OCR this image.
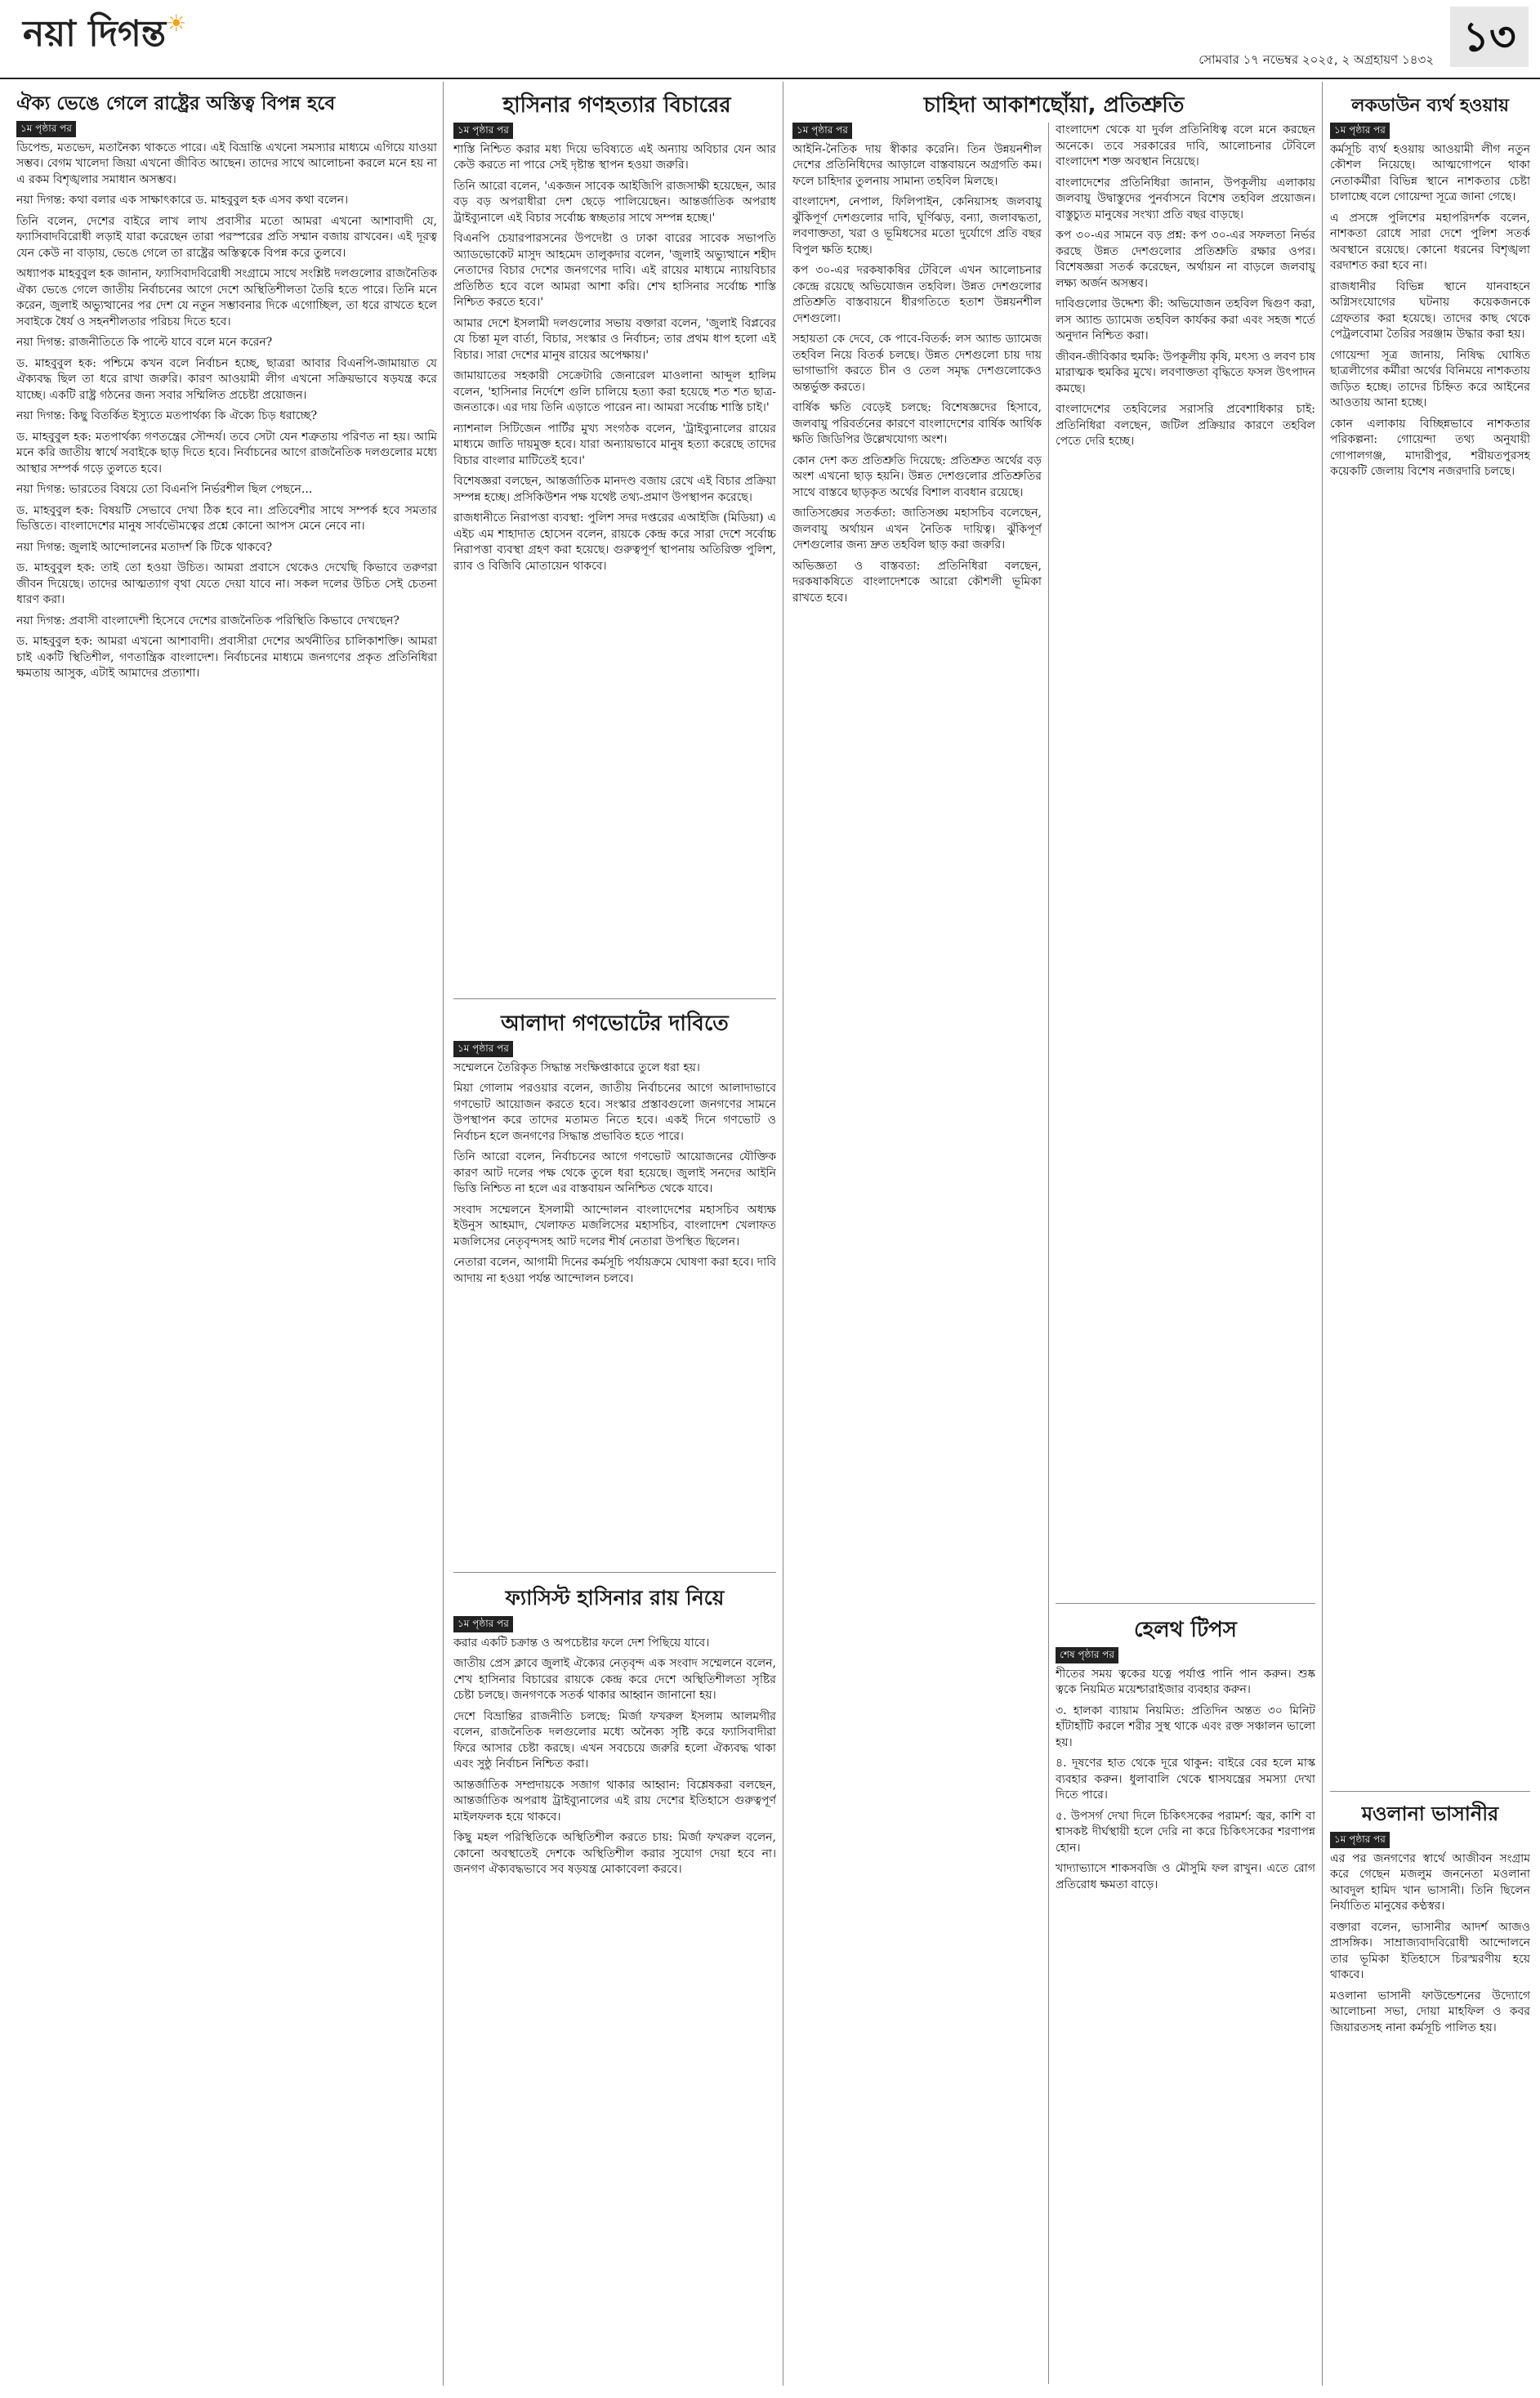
নয়া দিগন্ত☀
সোমবার ১৭ নভেম্বর ২০২৫, ২ অগ্রহায়ণ ১৪৩২ ১৩
ঐক্য ভেঙে গেলে রাষ্ট্রের অস্তিত্ব বিপন্ন হবে
১ম পৃষ্ঠার পর

ডিপেন্ড, মতভেদ, মতানৈক্য থাকতে পারে। এই বিভ্রান্তি এখনো সমস্যার মাধ্যমে এগিয়ে যাওয়া সম্ভব। বেগম খালেদা জিয়া এখনো জীবিত আছেন। তাদের সাথে আলোচনা করলে মনে হয় না এ রকম বিশৃঙ্খলার সমাধান অসম্ভব।

নয়া দিগন্ত: কথা বলার এক সাক্ষাৎকারে ড. মাহবুবুল হক এসব কথা বলেন।

তিনি বলেন, দেশের বাইরে লাখ লাখ প্রবাসীর মতো আমরা এখনো আশাবাদী যে, ফ্যাসিবাদবিরোধী লড়াই যারা করেছেন তারা পরস্পরের প্রতি সম্মান বজায় রাখবেন। এই দূরত্ব যেন কেউ না বাড়ায়, ভেঙে গেলে তা রাষ্ট্রের অস্তিত্বকে বিপন্ন করে তুলবে।

অধ্যাপক মাহবুবুল হক জানান, ফ্যাসিবাদবিরোধী সংগ্রামে সাথে সংশ্লিষ্ট দলগুলোর রাজনৈতিক ঐক্য ভেঙে গেলে জাতীয় নির্বাচনের আগে দেশে অস্থিতিশীলতা তৈরি হতে পারে। তিনি মনে করেন, জুলাই অভ্যুত্থানের পর দেশ যে নতুন সম্ভাবনার দিকে এগোচ্ছিল, তা ধরে রাখতে হলে সবাইকে ধৈর্য ও সহনশীলতার পরিচয় দিতে হবে।

নয়া দিগন্ত: রাজনীতিতে কি পাল্টে যাবে বলে মনে করেন?

ড. মাহবুবুল হক: পশ্চিমে কখন বলে নির্বাচন হচ্ছে, ছাত্ররা আবার বিএনপি-জামায়াত যে ঐক্যবদ্ধ ছিল তা ধরে রাখা জরুরি। কারণ আওয়ামী লীগ এখনো সক্রিয়ভাবে ষড়যন্ত্র করে যাচ্ছে। একটি রাষ্ট্র গঠনের জন্য সবার সম্মিলিত প্রচেষ্টা প্রয়োজন।

নয়া দিগন্ত: কিছু বিতর্কিত ইস্যুতে মতপার্থক্য কি ঐক্যে চিড় ধরাচ্ছে?

ড. মাহবুবুল হক: মতপার্থক্য গণতন্ত্রের সৌন্দর্য। তবে সেটা যেন শত্রুতায় পরিণত না হয়। আমি মনে করি জাতীয় স্বার্থে সবাইকে ছাড় দিতে হবে। নির্বাচনের আগে রাজনৈতিক দলগুলোর মধ্যে আস্থার সম্পর্ক গড়ে তুলতে হবে।

নয়া দিগন্ত: ভারতের বিষয়ে তো বিএনপি নির্ভরশীল ছিল পেছনে...

ড. মাহবুবুল হক: বিষয়টি সেভাবে দেখা ঠিক হবে না। প্রতিবেশীর সাথে সম্পর্ক হবে সমতার ভিত্তিতে। বাংলাদেশের মানুষ সার্বভৌমত্বের প্রশ্নে কোনো আপস মেনে নেবে না।

নয়া দিগন্ত: জুলাই আন্দোলনের মতাদর্শ কি টিকে থাকবে?

ড. মাহবুবুল হক: তাই তো হওয়া উচিত। আমরা প্রবাসে থেকেও দেখেছি কিভাবে তরুণরা জীবন দিয়েছে। তাদের আত্মত্যাগ বৃথা যেতে দেয়া যাবে না। সকল দলের উচিত সেই চেতনা ধারণ করা।

নয়া দিগন্ত: প্রবাসী বাংলাদেশী হিসেবে দেশের রাজনৈতিক পরিস্থিতি কিভাবে দেখছেন?

ড. মাহবুবুল হক: আমরা এখনো আশাবাদী। প্রবাসীরা দেশের অর্থনীতির চালিকাশক্তি। আমরা চাই একটি স্থিতিশীল, গণতান্ত্রিক বাংলাদেশ। নির্বাচনের মাধ্যমে জনগণের প্রকৃত প্রতিনিধিরা ক্ষমতায় আসুক, এটাই আমাদের প্রত্যাশা।

হাসিনার গণহত্যার বিচারের
১ম পৃষ্ঠার পর

শাস্তি নিশ্চিত করার মধ্য দিয়ে ভবিষ্যতে এই অন্যায় অবিচার যেন আর কেউ করতে না পারে সেই দৃষ্টান্ত স্থাপন হওয়া জরুরি।

তিনি আরো বলেন, 'একজন সাবেক আইজিপি রাজসাক্ষী হয়েছেন, আর বড় বড় অপরাধীরা দেশ ছেড়ে পালিয়েছেন। আন্তর্জাতিক অপরাধ ট্রাইব্যুনালে এই বিচার সর্বোচ্চ স্বচ্ছতার সাথে সম্পন্ন হচ্ছে।'

বিএনপি চেয়ারপারসনের উপদেষ্টা ও ঢাকা বারের সাবেক সভাপতি অ্যাডভোকেট মাসুদ আহমেদ তালুকদার বলেন, 'জুলাই অভ্যুত্থানে শহীদ নেতাদের বিচার দেশের জনগণের দাবি। এই রায়ের মাধ্যমে ন্যায়বিচার প্রতিষ্ঠিত হবে বলে আমরা আশা করি। শেখ হাসিনার সর্বোচ্চ শাস্তি নিশ্চিত করতে হবে।'

আমার দেশে ইসলামী দলগুলোর সভায় বক্তারা বলেন, 'জুলাই বিপ্লবের যে চিন্তা মূল বার্তা, বিচার, সংস্কার ও নির্বাচন; তার প্রথম ধাপ হলো এই বিচার। সারা দেশের মানুষ রায়ের অপেক্ষায়।'

জামায়াতের সহকারী সেক্রেটারি জেনারেল মাওলানা আব্দুল হালিম বলেন, 'হাসিনার নির্দেশে গুলি চালিয়ে হত্যা করা হয়েছে শত শত ছাত্র-জনতাকে। এর দায় তিনি এড়াতে পারেন না। আমরা সর্বোচ্চ শাস্তি চাই।'

ন্যাশনাল সিটিজেন পার্টির মুখ্য সংগঠক বলেন, 'ট্রাইব্যুনালের রায়ের মাধ্যমে জাতি দায়মুক্ত হবে। যারা অন্যায়ভাবে মানুষ হত্যা করেছে তাদের বিচার বাংলার মাটিতেই হবে।'

বিশেষজ্ঞরা বলছেন, আন্তর্জাতিক মানদণ্ড বজায় রেখে এই বিচার প্রক্রিয়া সম্পন্ন হচ্ছে। প্রসিকিউশন পক্ষ যথেষ্ট তথ্য-প্রমাণ উপস্থাপন করেছে।

রাজধানীতে নিরাপত্তা ব্যবস্থা: পুলিশ সদর দপ্তরের এআইজি (মিডিয়া) এ এইচ এম শাহাদাত হোসেন বলেন, রায়কে কেন্দ্র করে সারা দেশে সর্বোচ্চ নিরাপত্তা ব্যবস্থা গ্রহণ করা হয়েছে। গুরুত্বপূর্ণ স্থাপনায় অতিরিক্ত পুলিশ, র‍্যাব ও বিজিবি মোতায়েন থাকবে।

আলাদা গণভোটের দাবিতে
১ম পৃষ্ঠার পর

সম্মেলনে তৈরিকৃত সিদ্ধান্ত সংক্ষিপ্তাকারে তুলে ধরা হয়।

মিয়া গোলাম পরওয়ার বলেন, জাতীয় নির্বাচনের আগে আলাদাভাবে গণভোট আয়োজন করতে হবে। সংস্কার প্রস্তাবগুলো জনগণের সামনে উপস্থাপন করে তাদের মতামত নিতে হবে। একই দিনে গণভোট ও নির্বাচন হলে জনগণের সিদ্ধান্ত প্রভাবিত হতে পারে।

তিনি আরো বলেন, নির্বাচনের আগে গণভোট আয়োজনের যৌক্তিক কারণ আট দলের পক্ষ থেকে তুলে ধরা হয়েছে। জুলাই সনদের আইনি ভিত্তি নিশ্চিত না হলে এর বাস্তবায়ন অনিশ্চিত থেকে যাবে।

সংবাদ সম্মেলনে ইসলামী আন্দোলন বাংলাদেশের মহাসচিব অধ্যক্ষ ইউনুস আহমাদ, খেলাফত মজলিসের মহাসচিব, বাংলাদেশ খেলাফত মজলিসের নেতৃবৃন্দসহ আট দলের শীর্ষ নেতারা উপস্থিত ছিলেন।

নেতারা বলেন, আগামী দিনের কর্মসূচি পর্যায়ক্রমে ঘোষণা করা হবে। দাবি আদায় না হওয়া পর্যন্ত আন্দোলন চলবে।

ফ্যাসিস্ট হাসিনার রায় নিয়ে
১ম পৃষ্ঠার পর

করার একটি চক্রান্ত ও অপচেষ্টার ফলে দেশ পিছিয়ে যাবে।

জাতীয় প্রেস ক্লাবে জুলাই ঐক্যের নেতৃবৃন্দ এক সংবাদ সম্মেলনে বলেন, শেখ হাসিনার বিচারের রায়কে কেন্দ্র করে দেশে অস্থিতিশীলতা সৃষ্টির চেষ্টা চলছে। জনগণকে সতর্ক থাকার আহ্বান জানানো হয়।

দেশে বিভ্রান্তির রাজনীতি চলছে: মির্জা ফখরুল ইসলাম আলমগীর বলেন, রাজনৈতিক দলগুলোর মধ্যে অনৈক্য সৃষ্টি করে ফ্যাসিবাদীরা ফিরে আসার চেষ্টা করছে। এখন সবচেয়ে জরুরি হলো ঐক্যবদ্ধ থাকা এবং সুষ্ঠু নির্বাচন নিশ্চিত করা।

আন্তর্জাতিক সম্প্রদায়কে সজাগ থাকার আহ্বান: বিশ্লেষকরা বলছেন, আন্তর্জাতিক অপরাধ ট্রাইব্যুনালের এই রায় দেশের ইতিহাসে গুরুত্বপূর্ণ মাইলফলক হয়ে থাকবে।

কিছু মহল পরিস্থিতিকে অস্থিতিশীল করতে চায়: মির্জা ফখরুল বলেন, কোনো অবস্থাতেই দেশকে অস্থিতিশীল করার সুযোগ দেয়া হবে না। জনগণ ঐক্যবদ্ধভাবে সব ষড়যন্ত্র মোকাবেলা করবে।

চাহিদা আকাশছোঁয়া, প্রতিশ্রুতি
১ম পৃষ্ঠার পর

আইনি-নৈতিক দায় স্বীকার করেনি। তিন উন্নয়নশীল দেশের প্রতিনিধিদের আড়ালে বাস্তবায়নে অগ্রগতি কম। ফলে চাহিদার তুলনায় সামান্য তহবিল মিলছে।

বাংলাদেশ, নেপাল, ফিলিপাইন, কেনিয়াসহ জলবায়ু ঝুঁকিপূর্ণ দেশগুলোর দাবি, ঘূর্ণিঝড়, বন্যা, জলাবদ্ধতা, লবণাক্ততা, খরা ও ভূমিধসের মতো দুর্যোগে প্রতি বছর বিপুল ক্ষতি হচ্ছে।

কপ ৩০-এর দরকষাকষির টেবিলে এখন আলোচনার কেন্দ্রে রয়েছে অভিযোজন তহবিল। উন্নত দেশগুলোর প্রতিশ্রুতি বাস্তবায়নে ধীরগতিতে হতাশ উন্নয়নশীল দেশগুলো।

সহায়তা কে দেবে, কে পাবে-বিতর্ক: লস অ্যান্ড ড্যামেজ তহবিল নিয়ে বিতর্ক চলছে। উন্নত দেশগুলো চায় দায় ভাগাভাগি করতে চীন ও তেল সমৃদ্ধ দেশগুলোকেও অন্তর্ভুক্ত করতে।

বার্ষিক ক্ষতি বেড়েই চলছে: বিশেষজ্ঞদের হিসাবে, জলবায়ু পরিবর্তনের কারণে বাংলাদেশের বার্ষিক আর্থিক ক্ষতি জিডিপির উল্লেখযোগ্য অংশ।

কোন দেশ কত প্রতিশ্রুতি দিয়েছে: প্রতিশ্রুত অর্থের বড় অংশ এখনো ছাড় হয়নি। উন্নত দেশগুলোর প্রতিশ্রুতির সাথে বাস্তবে ছাড়কৃত অর্থের বিশাল ব্যবধান রয়েছে।

জাতিসঙ্ঘের সতর্কতা: জাতিসঙ্ঘ মহাসচিব বলেছেন, জলবায়ু অর্থায়ন এখন নৈতিক দায়িত্ব। ঝুঁকিপূর্ণ দেশগুলোর জন্য দ্রুত তহবিল ছাড় করা জরুরি।

অভিজ্ঞতা ও বাস্তবতা: প্রতিনিধিরা বলছেন, দরকষাকষিতে বাংলাদেশকে আরো কৌশলী ভূমিকা রাখতে হবে।

বাংলাদেশ থেকে যা দুর্বল প্রতিনিধিত্ব বলে মনে করছেন অনেকে। তবে সরকারের দাবি, আলোচনার টেবিলে বাংলাদেশ শক্ত অবস্থান নিয়েছে।

বাংলাদেশের প্রতিনিধিরা জানান, উপকূলীয় এলাকায় জলবায়ু উদ্বাস্তুদের পুনর্বাসনে বিশেষ তহবিল প্রয়োজন। বাস্তুচ্যুত মানুষের সংখ্যা প্রতি বছর বাড়ছে।

কপ ৩০-এর সামনে বড় প্রশ্ন: কপ ৩০-এর সফলতা নির্ভর করছে উন্নত দেশগুলোর প্রতিশ্রুতি রক্ষার ওপর। বিশেষজ্ঞরা সতর্ক করেছেন, অর্থায়ন না বাড়লে জলবায়ু লক্ষ্য অর্জন অসম্ভব।

দাবিগুলোর উদ্দেশ্য কী: অভিযোজন তহবিল দ্বিগুণ করা, লস অ্যান্ড ড্যামেজ তহবিল কার্যকর করা এবং সহজ শর্তে অনুদান নিশ্চিত করা।

জীবন-জীবিকার হুমকি: উপকূলীয় কৃষি, মৎস্য ও লবণ চাষ মারাত্মক হুমকির মুখে। লবণাক্ততা বৃদ্ধিতে ফসল উৎপাদন কমছে।

বাংলাদেশের তহবিলের সরাসরি প্রবেশাধিকার চাই: প্রতিনিধিরা বলছেন, জটিল প্রক্রিয়ার কারণে তহবিল পেতে দেরি হচ্ছে।

হেলথ টিপস
শেষ পৃষ্ঠার পর

শীতের সময় ত্বকের যত্নে পর্যাপ্ত পানি পান করুন। শুষ্ক ত্বকে নিয়মিত ময়েশ্চারাইজার ব্যবহার করুন।

৩. হালকা ব্যায়াম নিয়মিত: প্রতিদিন অন্তত ৩০ মিনিট হাঁটাহাঁটি করলে শরীর সুস্থ থাকে এবং রক্ত সঞ্চালন ভালো হয়।

৪. দূষণের হাত থেকে দূরে থাকুন: বাইরে বের হলে মাস্ক ব্যবহার করুন। ধুলাবালি থেকে শ্বাসযন্ত্রের সমস্যা দেখা দিতে পারে।

৫. উপসর্গ দেখা দিলে চিকিৎসকের পরামর্শ: জ্বর, কাশি বা শ্বাসকষ্ট দীর্ঘস্থায়ী হলে দেরি না করে চিকিৎসকের শরণাপন্ন হোন।

খাদ্যাভ্যাসে শাকসবজি ও মৌসুমি ফল রাখুন। এতে রোগ প্রতিরোধ ক্ষমতা বাড়ে।

লকডাউন ব্যর্থ হওয়ায়
১ম পৃষ্ঠার পর

কর্মসূচি ব্যর্থ হওয়ায় আওয়ামী লীগ নতুন কৌশল নিয়েছে। আত্মগোপনে থাকা নেতাকর্মীরা বিভিন্ন স্থানে নাশকতার চেষ্টা চালাচ্ছে বলে গোয়েন্দা সূত্রে জানা গেছে।

এ প্রসঙ্গে পুলিশের মহাপরিদর্শক বলেন, নাশকতা রোধে সারা দেশে পুলিশ সতর্ক অবস্থানে রয়েছে। কোনো ধরনের বিশৃঙ্খলা বরদাশত করা হবে না।

রাজধানীর বিভিন্ন স্থানে যানবাহনে অগ্নিসংযোগের ঘটনায় কয়েকজনকে গ্রেফতার করা হয়েছে। তাদের কাছ থেকে পেট্রলবোমা তৈরির সরঞ্জাম উদ্ধার করা হয়।

গোয়েন্দা সূত্র জানায়, নিষিদ্ধ ঘোষিত ছাত্রলীগের কর্মীরা অর্থের বিনিময়ে নাশকতায় জড়িত হচ্ছে। তাদের চিহ্নিত করে আইনের আওতায় আনা হচ্ছে।

কোন এলাকায় বিচ্ছিন্নভাবে নাশকতার পরিকল্পনা: গোয়েন্দা তথ্য অনুযায়ী গোপালগঞ্জ, মাদারীপুর, শরীয়তপুরসহ কয়েকটি জেলায় বিশেষ নজরদারি চলছে।

মওলানা ভাসানীর
১ম পৃষ্ঠার পর

এর পর জনগণের স্বার্থে আজীবন সংগ্রাম করে গেছেন মজলুম জননেতা মওলানা আবদুল হামিদ খান ভাসানী। তিনি ছিলেন নির্যাতিত মানুষের কণ্ঠস্বর।

বক্তারা বলেন, ভাসানীর আদর্শ আজও প্রাসঙ্গিক। সাম্রাজ্যবাদবিরোধী আন্দোলনে তার ভূমিকা ইতিহাসে চিরস্মরণীয় হয়ে থাকবে।

মওলানা ভাসানী ফাউন্ডেশনের উদ্যোগে আলোচনা সভা, দোয়া মাহফিল ও কবর জিয়ারতসহ নানা কর্মসূচি পালিত হয়।
